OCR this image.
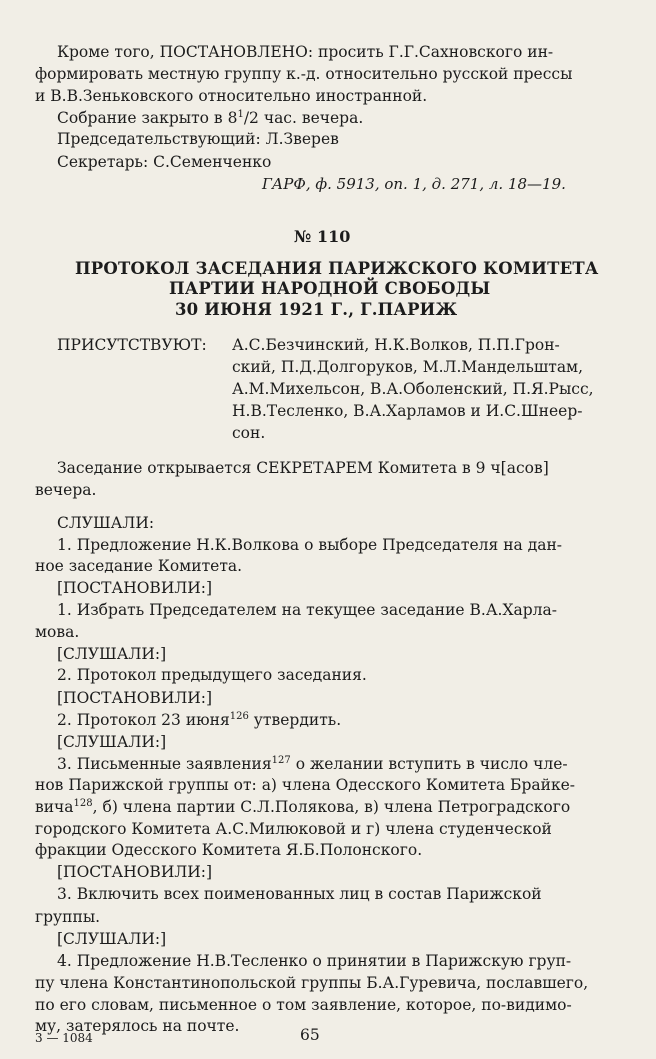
Кроме того, ПОСТАНОВЛЕНО: просить Г.Г.Сахновского ин-
формировать местную группу к.-д. относительно русской прессы
и В.В.Зеньковского относительно иностранной.
Собрание закрыто в $8^1/2$ час. вечера.
Председательствующий: Л.Зверев
Секретарь: С.Семенченко
ГАРФ, ф. 5913, оп. 1, д. 271, л. 18—19.
№ 110
ПРОТОКОЛ ЗАСЕДАНИЯ ПАРИЖСКОГО КОМИТЕТА
ПАРТИИ НАРОДНОЙ СВОБОДЫ
30 ИЮНЯ 1921 Г., Г.ПАРИЖ
ПРИСУТСТВУЮТ: А.С.Безчинский, Н.К.Волков, П.П.Грон-
ский, П.Д.Долгоруков, М.Л.Мандельштам,
А.М.Михельсон, В.А.Оболенский, П.Я.Рысс,
Н.В.Тесленко, В.А.Харламов и И.С.Шнеер-
сон.
Заседание открывается СЕКРЕТАРЕМ Комитета в 9 ч[асов]
вечера.
СЛУШАЛИ:
1. Предложение Н.К.Волкова о выборе Председателя на дан-
ное заседание Комитета.
[ПОСТАНОВИЛИ:]
1. Избрать Председателем на текущее заседание В.А.Харла-
мова.
[СЛУШАЛИ:]
2. Протокол предыдущего заседания.
[ПОСТАНОВИЛИ:]
2. Протокол 23 июня$^{126}$ утвердить.
[СЛУШАЛИ:]
3. Письменные заявления$^{127}$ о желании вступить в число чле-
нов Парижской группы от: а) члена Одесского Комитета Брайке-
вича$^{128}$, б) члена партии С.Л.Полякова, в) члена Петроградского
городского Комитета А.С.Милюковой и г) члена студенческой
фракции Одесского Комитета Я.Б.Полонского.
[ПОСТАНОВИЛИ:]
3. Включить всех поименованных лиц в состав Парижской
группы.
[СЛУШАЛИ:]
4. Предложение Н.В.Тесленко о принятии в Парижскую груп-
пу члена Константинопольской группы Б.А.Гуревича, пославшего,
по его словам, письменное о том заявление, которое, по-видимо-
му, затерялось на почте.
3 — 1084	65
